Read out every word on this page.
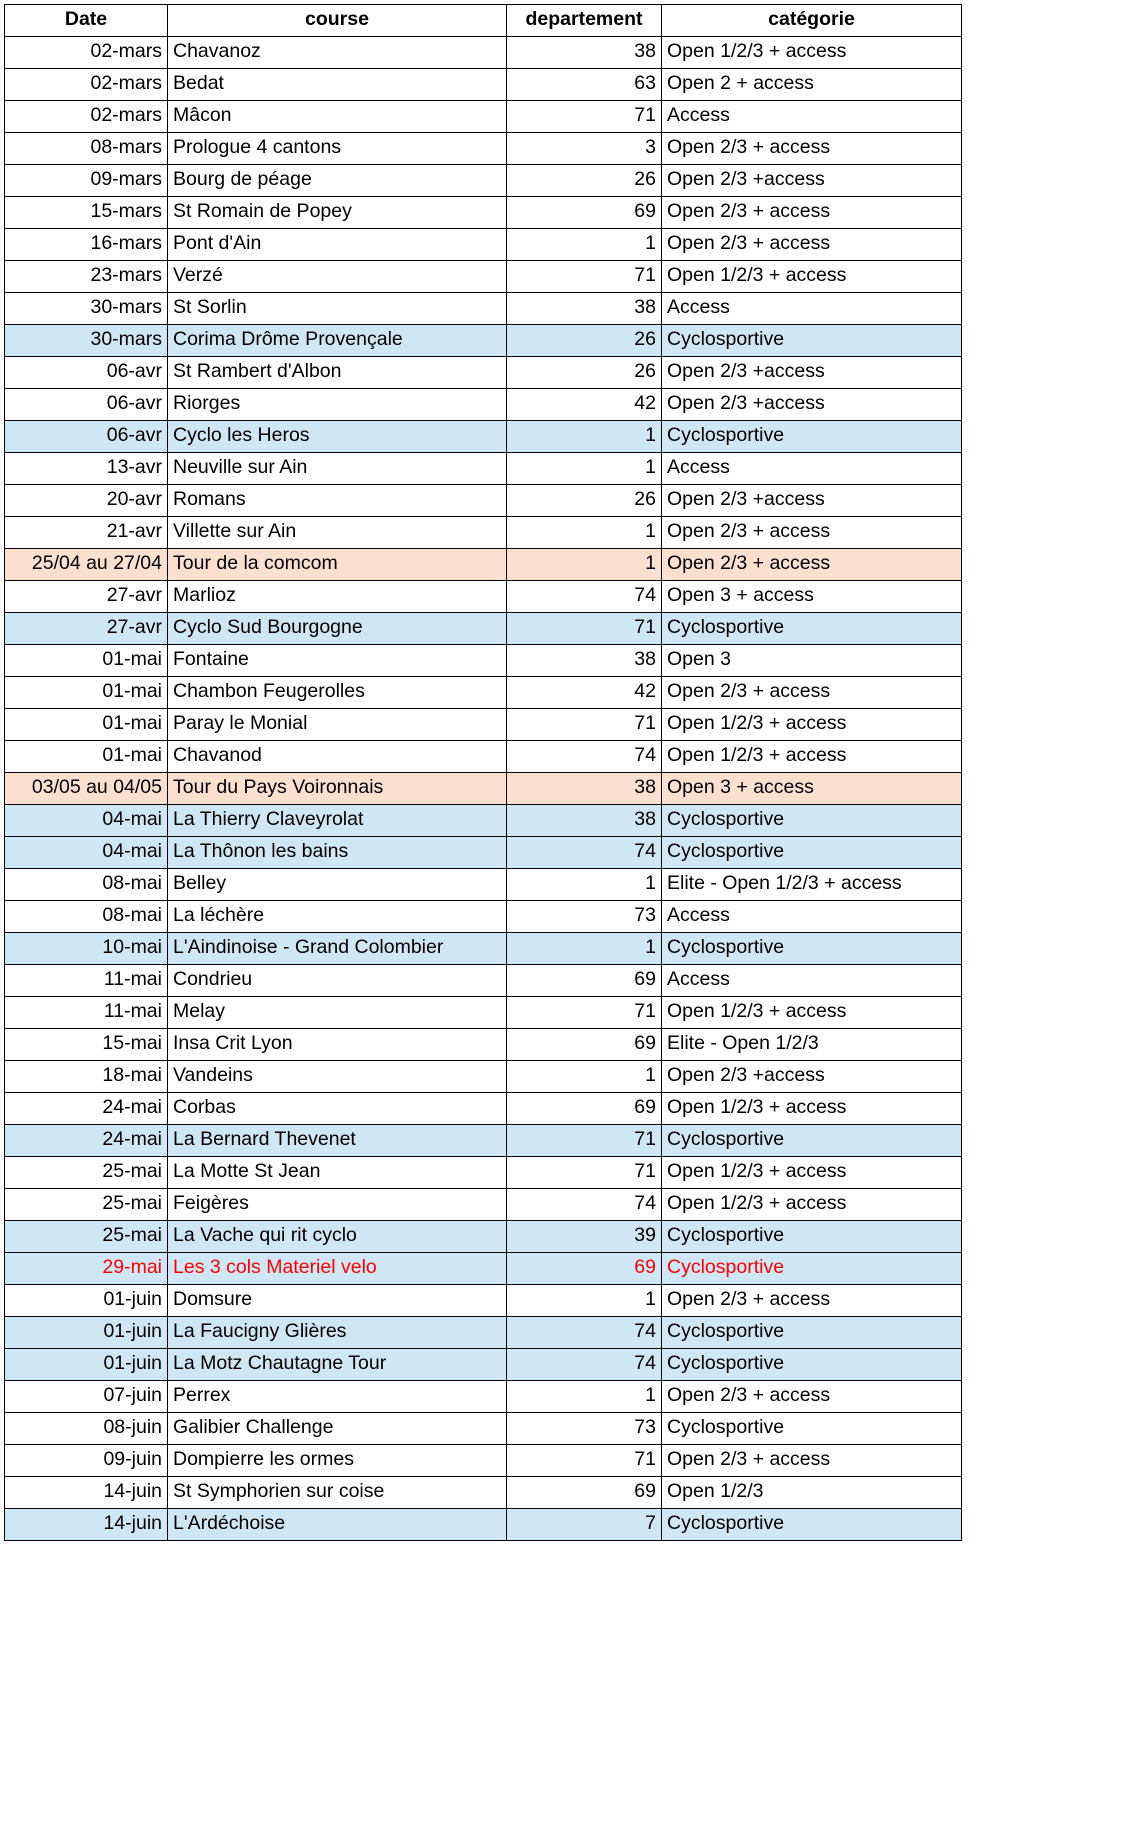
Date	course	departement	catégorie
02-mars	Chavanoz	38	Open 1/2/3 + access
02-mars	Bedat	63	Open 2 + access
02-mars	Mâcon	71	Access
08-mars	Prologue 4 cantons	3	Open 2/3 + access
09-mars	Bourg de péage	26	Open 2/3 +access
15-mars	St Romain de Popey	69	Open 2/3 + access
16-mars	Pont d'Ain	1	Open 2/3 + access
23-mars	Verzé	71	Open 1/2/3 + access
30-mars	St Sorlin	38	Access
30-mars	Corima Drôme Provençale	26	Cyclosportive
06-avr	St Rambert d'Albon	26	Open 2/3 +access
06-avr	Riorges	42	Open 2/3 +access
06-avr	Cyclo les Heros	1	Cyclosportive
13-avr	Neuville sur Ain	1	Access
20-avr	Romans	26	Open 2/3 +access
21-avr	Villette sur Ain	1	Open 2/3 + access
25/04 au 27/04	Tour de la comcom	1	Open 2/3 + access
27-avr	Marlioz	74	Open 3 + access
27-avr	Cyclo Sud Bourgogne	71	Cyclosportive
01-mai	Fontaine	38	Open 3
01-mai	Chambon Feugerolles	42	Open 2/3 + access
01-mai	Paray le Monial	71	Open 1/2/3 + access
01-mai	Chavanod	74	Open 1/2/3 + access
03/05 au 04/05	Tour du Pays Voironnais	38	Open 3 + access
04-mai	La Thierry Claveyrolat	38	Cyclosportive
04-mai	La Thônon les bains	74	Cyclosportive
08-mai	Belley	1	Elite - Open 1/2/3 + access
08-mai	La léchère	73	Access
10-mai	L'Aindinoise - Grand Colombier	1	Cyclosportive
11-mai	Condrieu	69	Access
11-mai	Melay	71	Open 1/2/3 + access
15-mai	Insa Crit Lyon	69	Elite - Open 1/2/3
18-mai	Vandeins	1	Open 2/3 +access
24-mai	Corbas	69	Open 1/2/3 + access
24-mai	La Bernard Thevenet	71	Cyclosportive
25-mai	La Motte St Jean	71	Open 1/2/3 + access
25-mai	Feigères	74	Open 1/2/3 + access
25-mai	La Vache qui rit cyclo	39	Cyclosportive
29-mai	Les 3 cols Materiel velo	69	Cyclosportive
01-juin	Domsure	1	Open 2/3 + access
01-juin	La Faucigny Glières	74	Cyclosportive
01-juin	La Motz Chautagne Tour	74	Cyclosportive
07-juin	Perrex	1	Open 2/3 + access
08-juin	Galibier Challenge	73	Cyclosportive
09-juin	Dompierre les ormes	71	Open 2/3 + access
14-juin	St Symphorien sur coise	69	Open 1/2/3
14-juin	L'Ardéchoise	7	Cyclosportive
